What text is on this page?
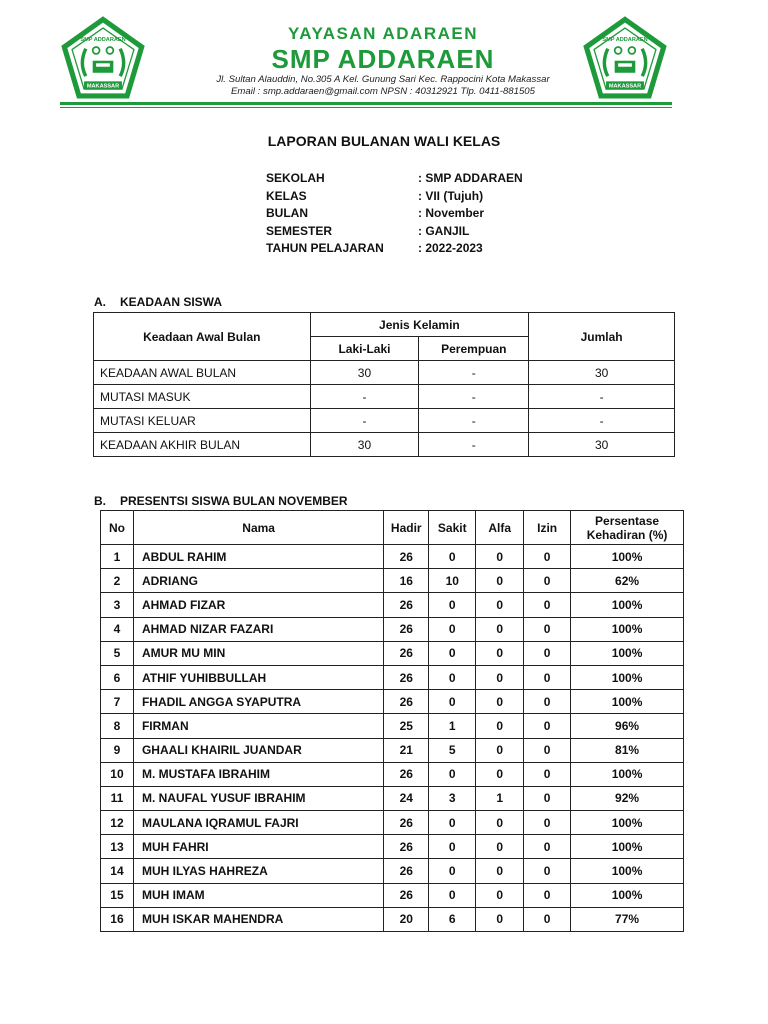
SMP ADDARAEN
MAKASSAR
YAYASAN ADARAEN
SMP ADDARAEN
Jl. Sultan Alauddin, No.305 A Kel. Gunung Sari Kec. Rappocini Kota Makassar
Email : smp.addaraen@gmail.com NPSN : 40312921 Tlp. 0411-881505
SMP ADDARAEN
MAKASSAR
LAPORAN BULANAN WALI KELAS
SEKOLAH	: SMP ADDARAEN
KELAS	: VII (Tujuh)
BULAN	: November
SEMESTER	: GANJIL
TAHUN PELAJARAN	: 2022-2023
A.	KEADAAN SISWA
Keadaan Awal Bulan	Jenis Kelamin		Jumlah
	Laki-Laki	Perempuan	
KEADAAN AWAL BULAN	30	-	30
MUTASI MASUK	-	-	-
MUTASI KELUAR	-	-	-
KEADAAN AKHIR BULAN	30	-	30
B.	PRESENTSI SISWA BULAN NOVEMBER
No	Nama	Hadir	Sakit	Alfa	Izin	Persentase
Kehadiran (%)
1	ABDUL RAHIM	26	0	0	0	100%
2	ADRIANG	16	10	0	0	62%
3	AHMAD FIZAR	26	0	0	0	100%
4	AHMAD NIZAR FAZARI	26	0	0	0	100%
5	AMUR MU MIN	26	0	0	0	100%
6	ATHIF YUHIBBULLAH	26	0	0	0	100%
7	FHADIL ANGGA SYAPUTRA	26	0	0	0	100%
8	FIRMAN	25	1	0	0	96%
9	GHAALI KHAIRIL JUANDAR	21	5	0	0	81%
10	M. MUSTAFA IBRAHIM	26	0	0	0	100%
11	M. NAUFAL YUSUF IBRAHIM	24	3	1	0	92%
12	MAULANA IQRAMUL FAJRI	26	0	0	0	100%
13	MUH FAHRI	26	0	0	0	100%
14	MUH ILYAS HAHREZA	26	0	0	0	100%
15	MUH IMAM	26	0	0	0	100%
16	MUH ISKAR MAHENDRA	20	6	0	0	77%
